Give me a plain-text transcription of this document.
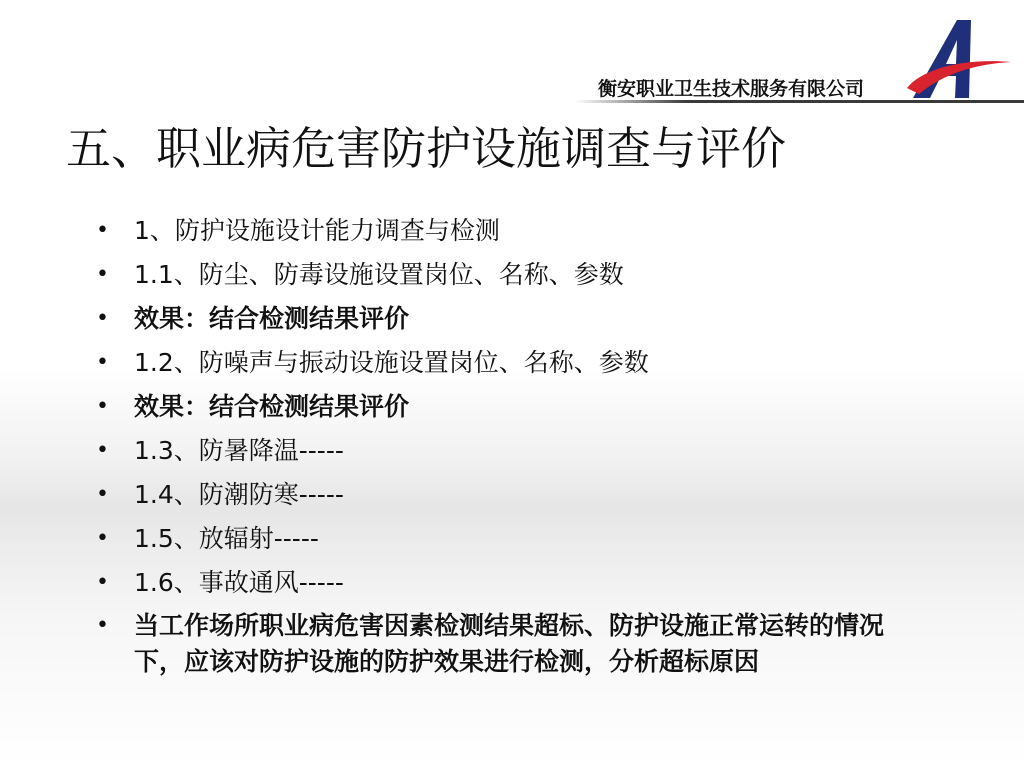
衡安职业卫生技术服务有限公司
五、职业病危害防护设施调查与评价
• 1、防护设施设计能力调查与检测
• 1.1、防尘、防毒设施设置岗位、名称、参数
• 效果：结合检测结果评价
• 1.2、防噪声与振动设施设置岗位、名称、参数
• 效果：结合检测结果评价
• 1.3、防暑降温-----
• 1.4、防潮防寒-----
• 1.5、放辐射-----
• 1.6、事故通风-----
• 当工作场所职业病危害因素检测结果超标、防护设施正常运转的情况下，应该对防护设施的防护效果进行检测，分析超标原因
